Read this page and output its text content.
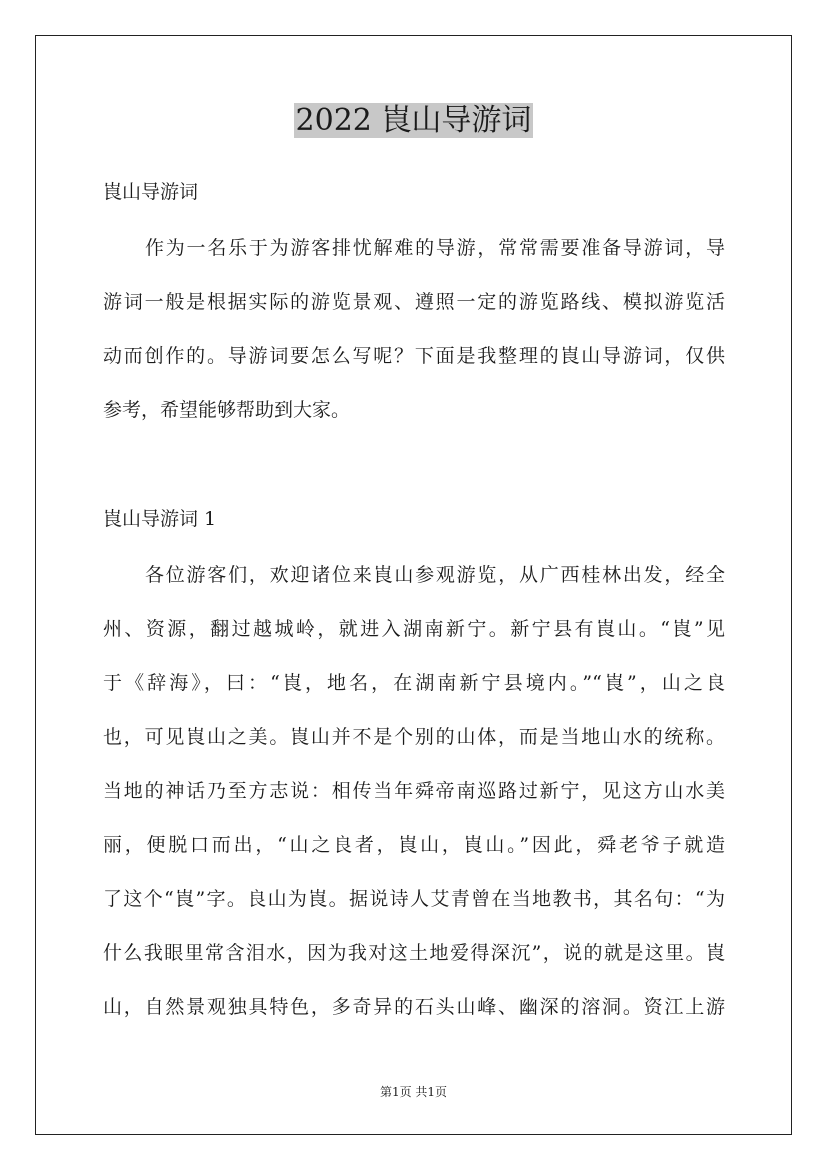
2022 崀山导游词

崀山导游词

作为一名乐于为游客排忧解难的导游，常常需要准备导游词，导
游词一般是根据实际的游览景观、遵照一定的游览路线、模拟游览活
动而创作的。导游词要怎么写呢？下面是我整理的崀山导游词，仅供
参考，希望能够帮助到大家。

崀山导游词 1

各位游客们，欢迎诸位来崀山参观游览，从广西桂林出发，经全
州、资源，翻过越城岭，就进入湖南新宁。新宁县有崀山。“崀”见
于《辞海》，曰：“崀，地名，在湖南新宁县境内。”“崀”，山之良
也，可见崀山之美。崀山并不是个别的山体，而是当地山水的统称。
当地的神话乃至方志说：相传当年舜帝南巡路过新宁，见这方山水美
丽，便脱口而出，“山之良者，崀山，崀山。”因此，舜老爷子就造
了这个“崀”字。良山为崀。据说诗人艾青曾在当地教书，其名句：“为
什么我眼里常含泪水，因为我对这土地爱得深沉”，说的就是这里。崀
山，自然景观独具特色，多奇异的石头山峰、幽深的溶洞。资江上游

第1页 共1页
